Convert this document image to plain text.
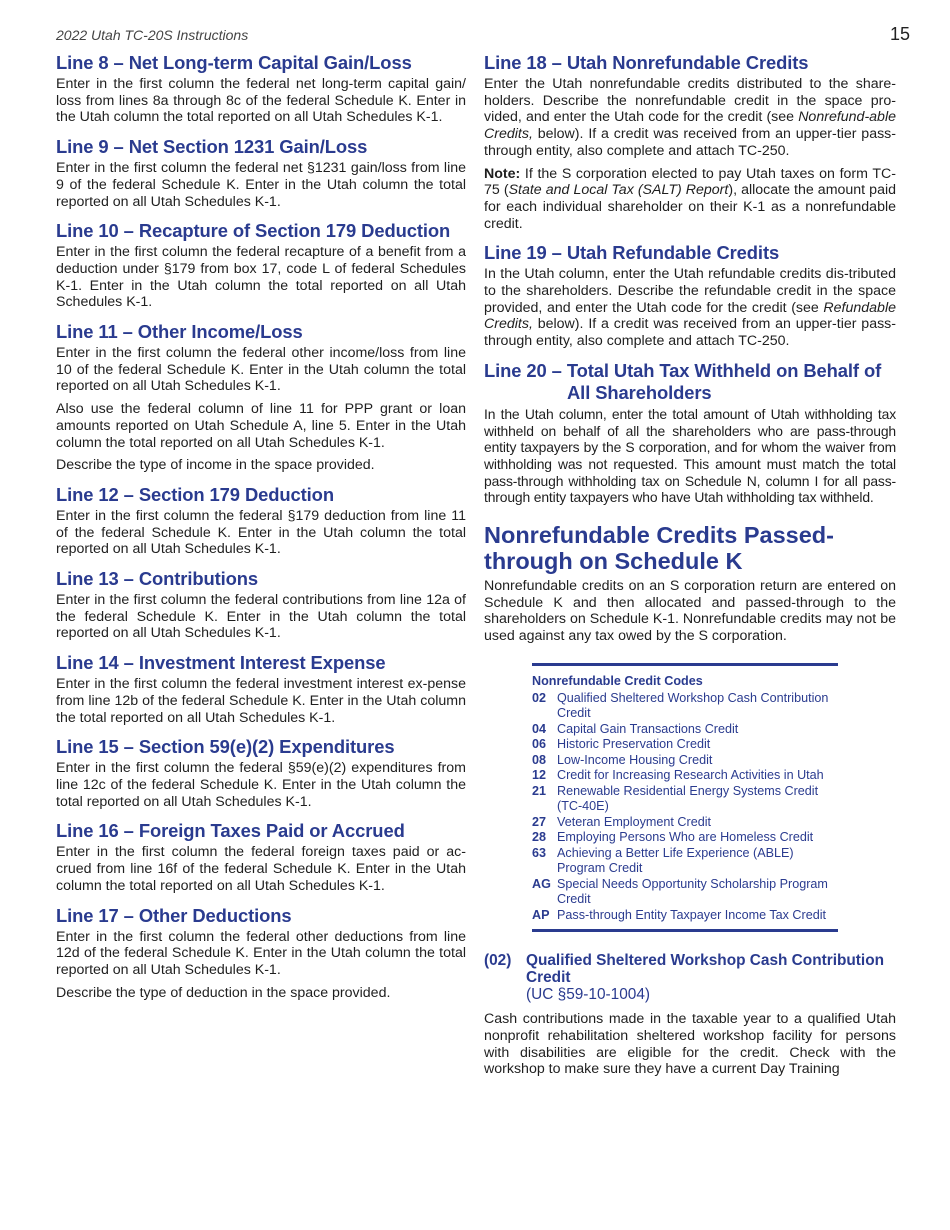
2022 Utah TC-20S Instructions	15
Line 8 – Net Long-term Capital Gain/Loss

Enter in the first column the federal net long-term capital gain/ loss from lines 8a through 8c of the federal Schedule K. Enter in the Utah column the total reported on all Utah Schedules K-1.

Line 9 – Net Section 1231 Gain/Loss

Enter in the first column the federal net §1231 gain/loss from line 9 of the federal Schedule K. Enter in the Utah column the total reported on all Utah Schedules K-1.

Line 10 – Recapture of Section 179 Deduction

Enter in the first column the federal recapture of a benefit from a deduction under §179 from box 17, code L of federal Schedules K-1. Enter in the Utah column the total reported on all Utah Schedules K-1.

Line 11 – Other Income/Loss

Enter in the first column the federal other income/loss from line 10 of the federal Schedule K. Enter in the Utah column the total reported on all Utah Schedules K-1.

Also use the federal column of line 11 for PPP grant or loan amounts reported on Utah Schedule A, line 5. Enter in the Utah column the total reported on all Utah Schedules K-1.

Describe the type of income in the space provided.

Line 12 – Section 179 Deduction

Enter in the first column the federal §179 deduction from line 11 of the federal Schedule K. Enter in the Utah column the total reported on all Utah Schedules K-1.

Line 13 – Contributions

Enter in the first column the federal contributions from line 12a of the federal Schedule K. Enter in the Utah column the total reported on all Utah Schedules K-1.

Line 14 – Investment Interest Expense

Enter in the first column the federal investment interest ex-pense from line 12b of the federal Schedule K. Enter in the Utah column the total reported on all Utah Schedules K-1.

Line 15 – Section 59(e)(2) Expenditures

Enter in the first column the federal §59(e)(2) expenditures from line 12c of the federal Schedule K. Enter in the Utah column the total reported on all Utah Schedules K-1.

Line 16 – Foreign Taxes Paid or Accrued

Enter in the first column the federal foreign taxes paid or ac-crued from line 16f of the federal Schedule K. Enter in the Utah column the total reported on all Utah Schedules K-1.

Line 17 – Other Deductions

Enter in the first column the federal other deductions from line 12d of the federal Schedule K. Enter in the Utah column the total reported on all Utah Schedules K-1.

Describe the type of deduction in the space provided.

Line 18 – Utah Nonrefundable Credits

Enter the Utah nonrefundable credits distributed to the share-holders. Describe the nonrefundable credit in the space pro-vided, and enter the Utah code for the credit (see Nonrefund-able Credits, below). If a credit was received from an upper-tier pass-through entity, also complete and attach TC-250.

Note: If the S corporation elected to pay Utah taxes on form TC-75 (State and Local Tax (SALT) Report), allocate the amount paid for each individual shareholder on their K-1 as a nonrefundable credit.

Line 19 – Utah Refundable Credits

In the Utah column, enter the Utah refundable credits dis-tributed to the shareholders. Describe the refundable credit in the space provided, and enter the Utah code for the credit (see Refundable Credits, below). If a credit was received from an upper-tier pass-through entity, also complete and attach TC-250.

Line 20 – Total Utah Tax Withheld on Behalf of All Shareholders

In the Utah column, enter the total amount of Utah withholding tax withheld on behalf of all the shareholders who are pass-through entity taxpayers by the S corporation, and for whom the waiver from withholding was not requested. This amount must match the total pass-through withholding tax on Schedule N, column I for all pass-through entity taxpayers who have Utah withholding tax withheld.

Nonrefundable Credits Passed-through on Schedule K

Nonrefundable credits on an S corporation return are entered on Schedule K and then allocated and passed-through to the shareholders on Schedule K-1. Nonrefundable credits may not be used against any tax owed by the S corporation.

Nonrefundable Credit Codes
02 Qualified Sheltered Workshop Cash Contribution Credit
04 Capital Gain Transactions Credit
06 Historic Preservation Credit
08 Low-Income Housing Credit
12 Credit for Increasing Research Activities in Utah
21 Renewable Residential Energy Systems Credit (TC-40E)
27 Veteran Employment Credit
28 Employing Persons Who are Homeless Credit
63 Achieving a Better Life Experience (ABLE) Program Credit
AG Special Needs Opportunity Scholarship Program Credit
AP Pass-through Entity Taxpayer Income Tax Credit
(02) Qualified Sheltered Workshop Cash Contribution Credit
(UC §59-10-1004)

Cash contributions made in the taxable year to a qualified Utah nonprofit rehabilitation sheltered workshop facility for persons with disabilities are eligible for the credit. Check with the workshop to make sure they have a current Day Training
